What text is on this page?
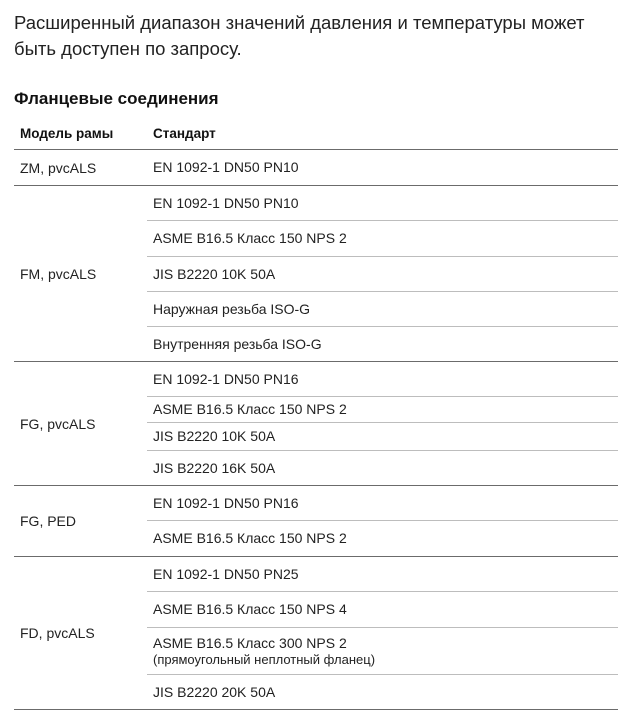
Расширенный диапазон значений давления и температуры может быть доступен по запросу.

Фланцевые соединения
Модель рамы	Стандарт
ZM, pvcALS	EN 1092-1 DN50 PN10

FM, pvcALS	EN 1092-1 DN50 PN10

	ASME B16.5 Класс 150 NPS 2

	JIS B2220 10K 50A

	Наружная резьба ISO-G

	Внутренняя резьба ISO-G

FG, pvcALS	EN 1092-1 DN50 PN16

	ASME B16.5 Класс 150 NPS 2

	JIS B2220 10K 50A

	JIS B2220 16K 50A

FG, PED	EN 1092-1 DN50 PN16

	ASME B16.5 Класс 150 NPS 2

FD, pvcALS	EN 1092-1 DN50 PN25

	ASME B16.5 Класс 150 NPS 4

	ASME B16.5 Класс 300 NPS 2
(прямоугольный неплотный фланец)

	JIS B2220 20K 50A
